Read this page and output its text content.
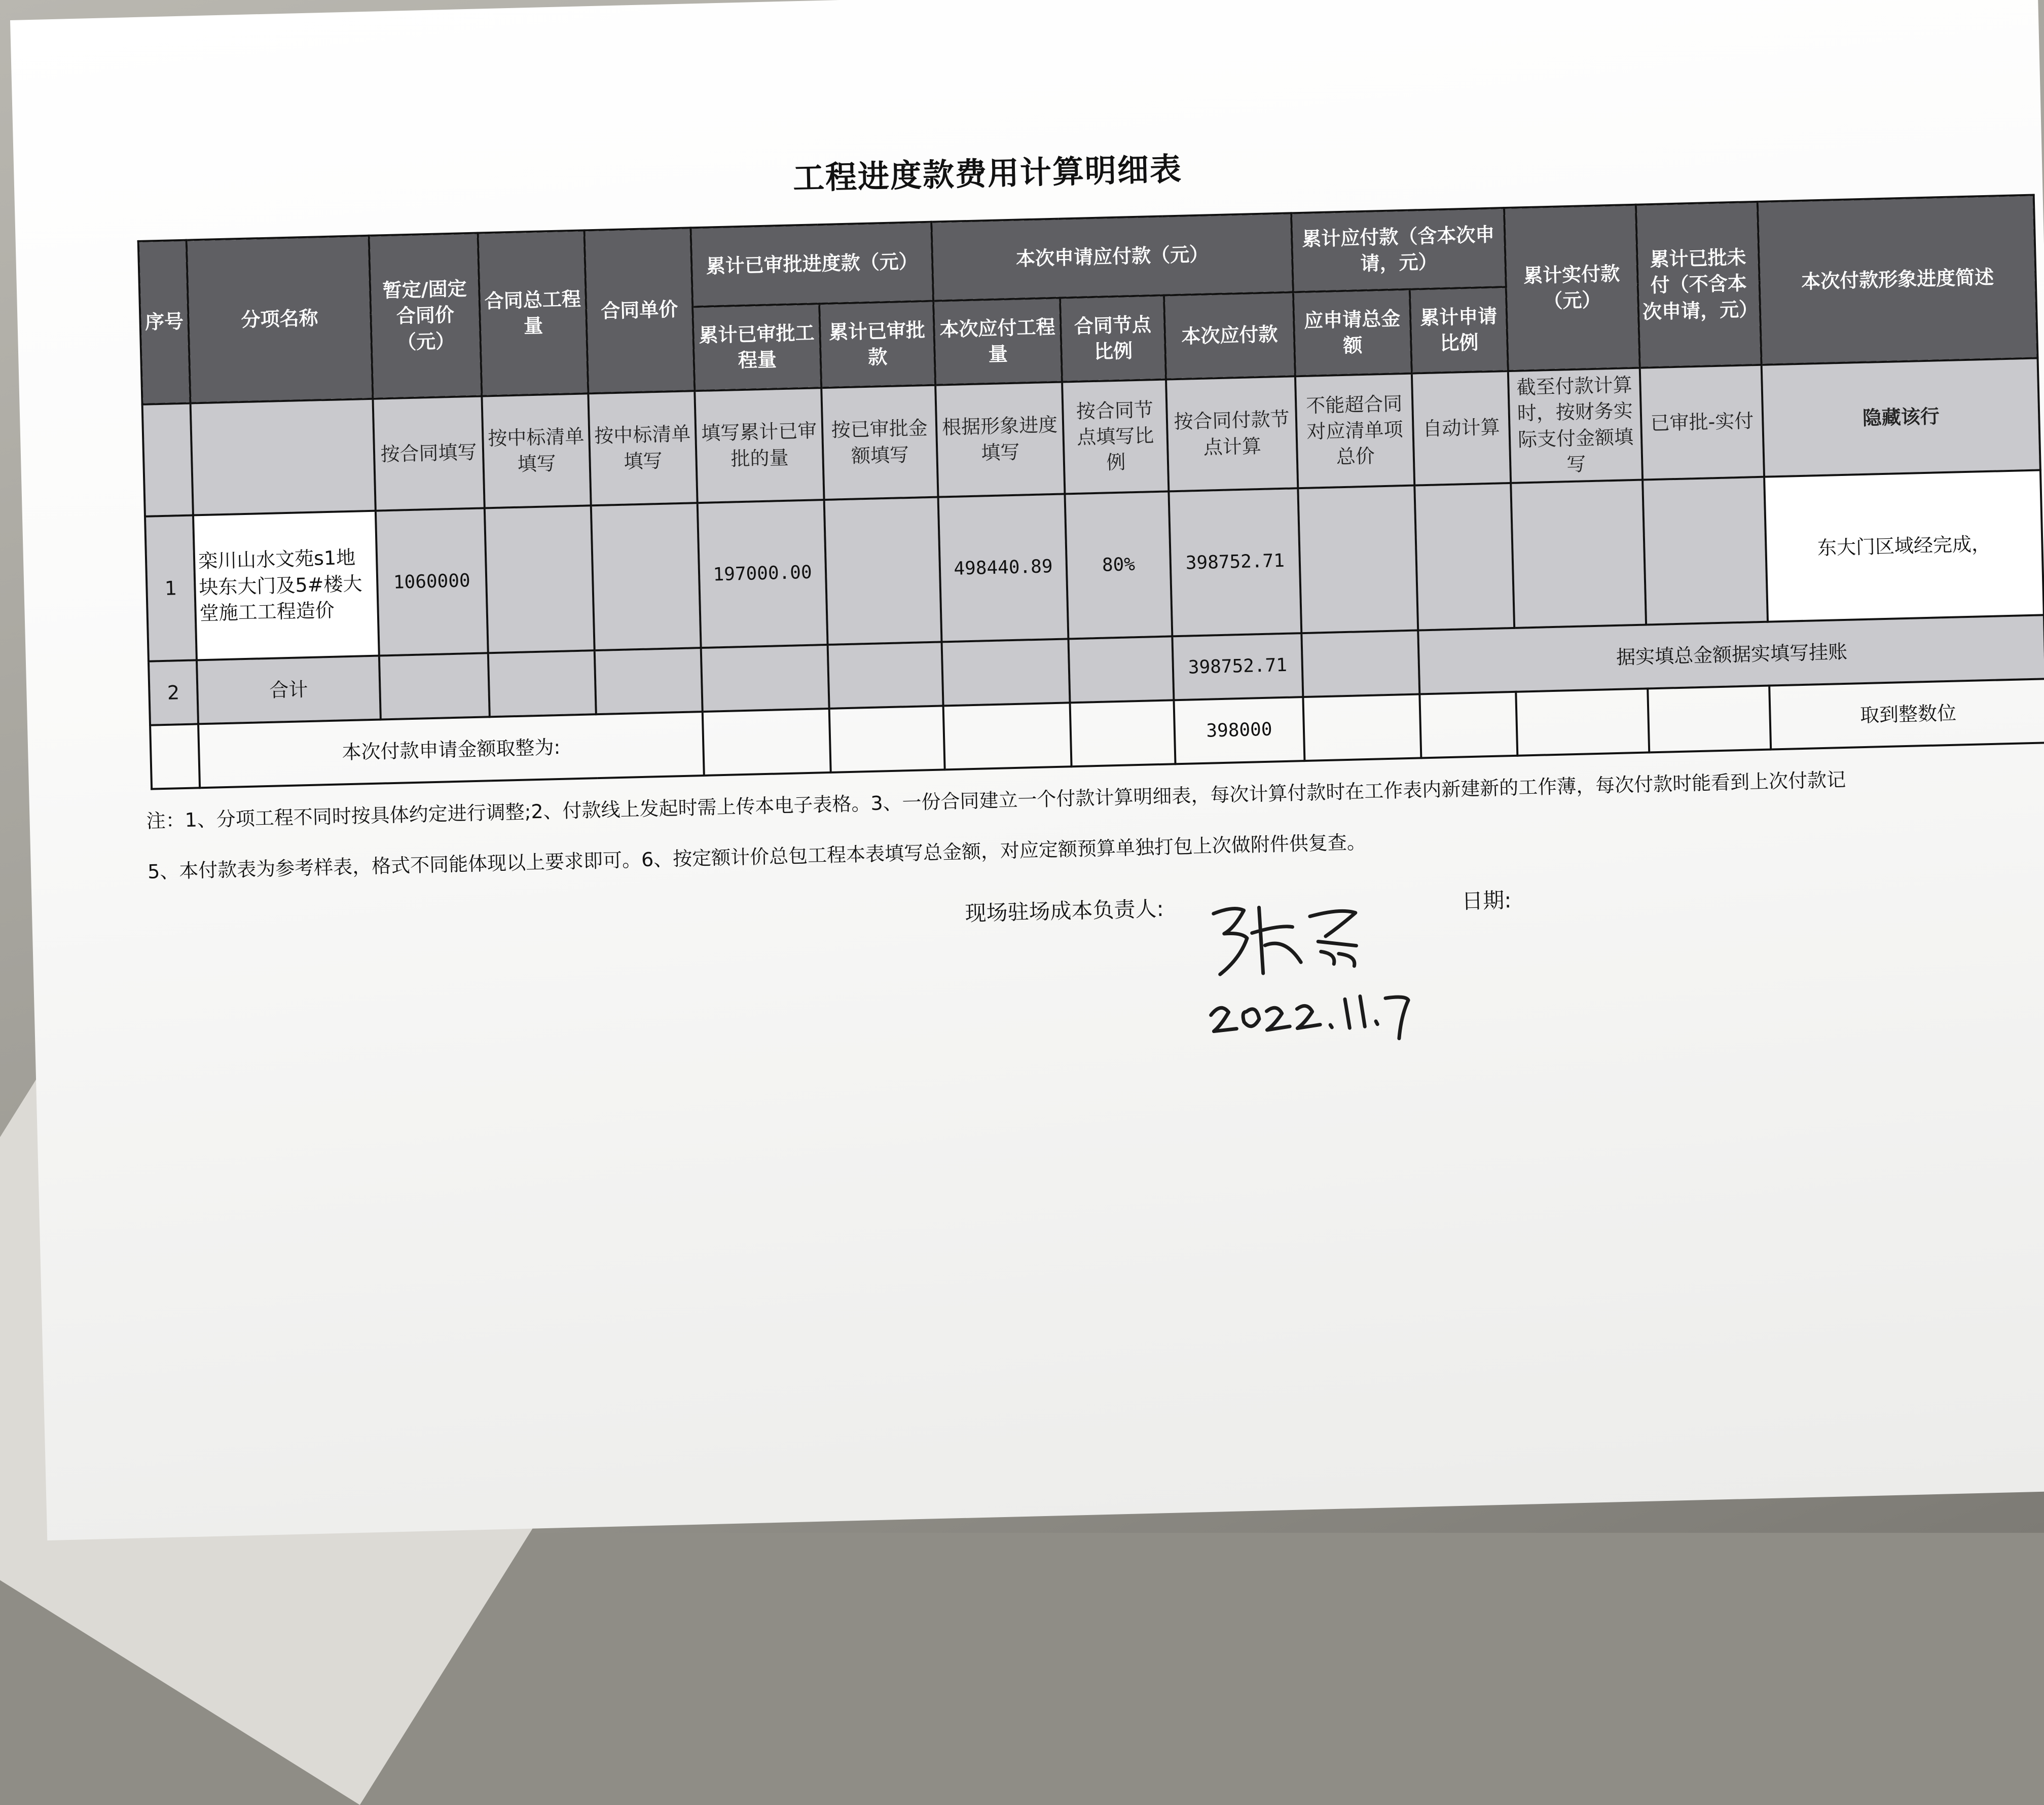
工程进度款费用计算明细表
序号	分项名称	暂定/固定合同价（元）	合同总工程量	合同单价	累计已审批进度款（元）		本次申请应付款（元）			累计应付款（含本次申请，元）		累计实付款（元）	累计已批未付（不含本次申请，元）	本次付款形象进度简述
					累计已审批工程量	累计已审批款	本次应付工程量	合同节点比例	本次应付款	应申请总金额	累计申请比例			
		按合同填写	按中标清单填写	按中标清单填写	填写累计已审批的量	按已审批金额填写	根据形象进度填写	按合同节点填写比例	按合同付款节点计算	不能超合同对应清单项总价	自动计算	截至付款计算时，按财务实际支付金额填写	已审批-实付	隐藏该行
1	栾川山水文苑s1地块东大门及5#楼大堂施工工程造价	1060000			197000.00		498440.89	80%	398752.71					东大门区域经完成，
2	合计								398752.71		据实填总金额据实填写挂账			
	本次付款申请金额取整为:								398000					取到整数位
注：1、分项工程不同时按具体约定进行调整;2、付款线上发起时需上传本电子表格。3、一份合同建立一个付款计算明细表，每次计算付款时在工作表内新建新的工作薄，每次付款时能看到上次付款记
5、本付款表为参考样表，格式不同能体现以上要求即可。6、按定额计价总包工程本表填写总金额，对应定额预算单独打包上次做附件供复查。
现场驻场成本负责人:	日期:
